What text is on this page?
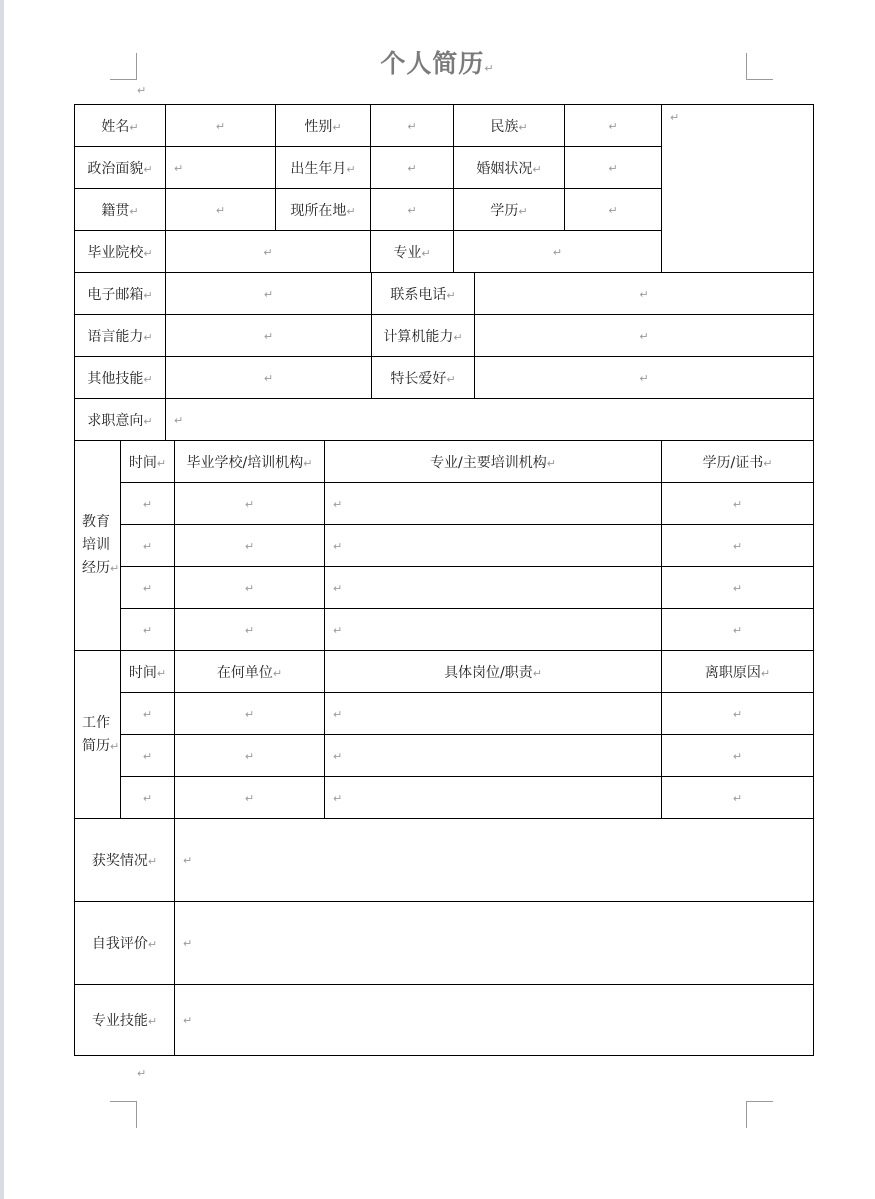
个人简历↵
↵
↵
姓名↵		↵		性别↵		↵	民族↵		↵	↵
政治面貌↵		↵		出生年月↵		↵	婚姻状况↵		↵	
籍贯↵		↵		现所在地↵		↵	学历↵		↵	
毕业院校↵		↵				专业↵	↵			
电子邮箱↵		↵				联系电话↵		↵		
语言能力↵		↵				计算机能力↵		↵		
其他技能↵		↵				特长爱好↵		↵		
求职意向↵		↵								
教育培训经历↵	时间↵		毕业学校/培训机构↵		专业/主要培训机构↵					学历/证书↵
	↵		↵		↵					↵
	↵		↵		↵					↵
	↵		↵		↵					↵
	↵		↵		↵					↵
工作简历↵	时间↵		在何单位↵		具体岗位/职责↵					离职原因↵
	↵		↵		↵					↵
	↵		↵		↵					↵
	↵		↵		↵					↵
获奖情况↵			↵							
自我评价↵			↵							
专业技能↵			↵							
